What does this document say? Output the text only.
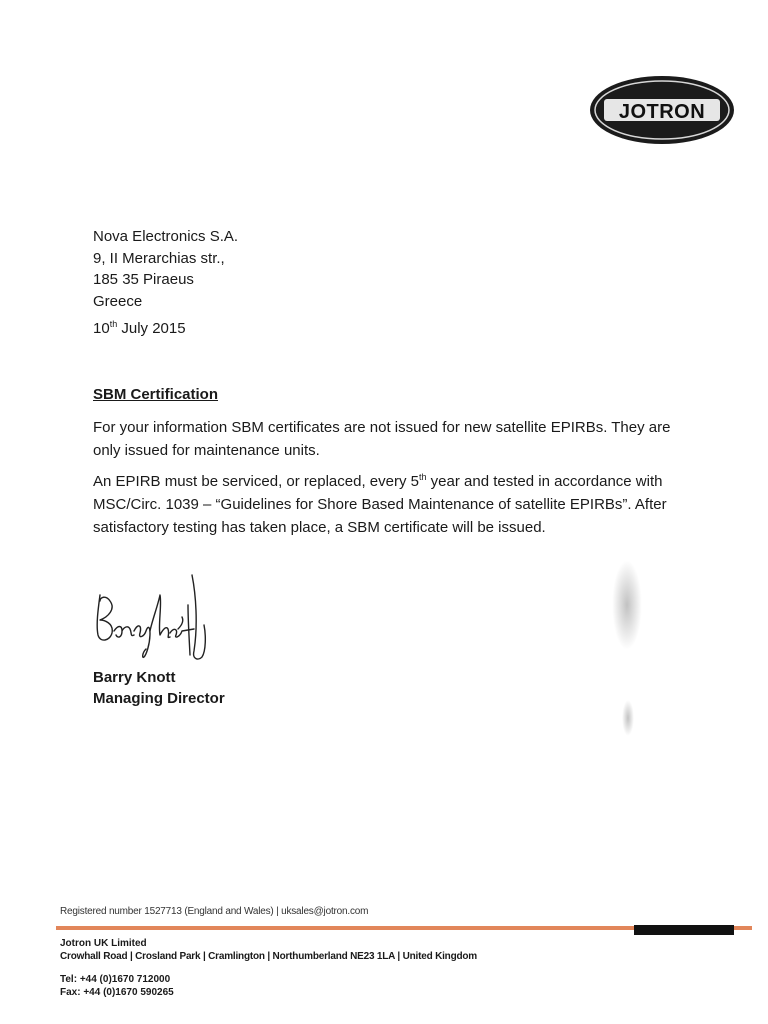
JOTRON
Nova Electronics S.A.
9, II Merarchias str.,
185 35 Piraeus
Greece
10th July 2015
SBM Certification
For your information SBM certificates are not issued for new satellite EPIRBs. They are only issued for maintenance units.
An EPIRB must be serviced, or replaced, every 5th year and tested in accordance with MSC/Circ. 1039 – “Guidelines for Shore Based Maintenance of satellite EPIRBs”. After satisfactory testing has taken place, a SBM certificate will be issued.
Barry Knott
Managing Director
Registered number 1527713 (England and Wales) | uksales@jotron.com
Jotron UK Limited
Crowhall Road | Crosland Park | Cramlington | Northumberland NE23 1LA | United Kingdom
Tel: +44 (0)1670 712000
Fax: +44 (0)1670 590265
